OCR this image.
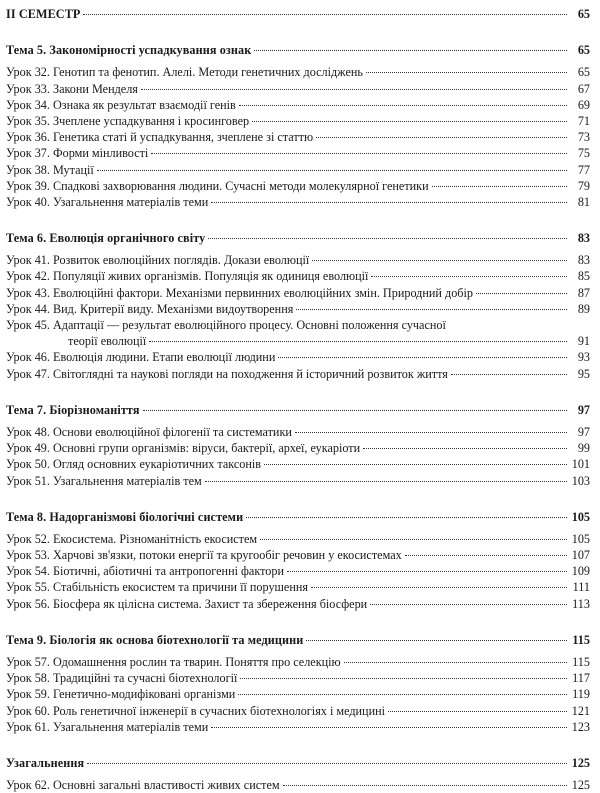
II СЕМЕСТР	65
Тема 5. Закономірності успадкування ознак	65
Урок 32. Генотип та фенотип. Алелі. Методи генетичних досліджень	65
Урок 33. Закони Менделя	67
Урок 34. Ознака як результат взаємодії генів	69
Урок 35. Зчеплене успадкування і кросинговер	71
Урок 36. Генетика статі й успадкування, зчеплене зі статтю	73
Урок 37. Форми мінливості	75
Урок 38. Мутації	77
Урок 39. Спадкові захворювання людини. Сучасні методи молекулярної генетики	79
Урок 40. Узагальнення матеріалів теми	81
Тема 6. Еволюція органічного світу	83
Урок 41. Розвиток еволюційних поглядів. Докази еволюції	83
Урок 42. Популяції живих організмів. Популяція як одиниця еволюції	85
Урок 43. Еволюційні фактори. Механізми первинних еволюційних змін. Природний добір	87
Урок 44. Вид. Критерії виду. Механізми видоутворення	89
Урок 45. Адаптації — результат еволюційного процесу. Основні положення сучасної
теорії еволюції	91
Урок 46. Еволюція людини. Етапи еволюції людини	93
Урок 47. Світоглядні та наукові погляди на походження й історичний розвиток життя	95
Тема 7. Біорізноманіття	97
Урок 48. Основи еволюційної філогенії та систематики	97
Урок 49. Основні групи організмів: віруси, бактерії, археї, еукаріоти	99
Урок 50. Огляд основних еукаріотичних таксонів	101
Урок 51. Узагальнення матеріалів тем	103
Тема 8. Надорганізмові біологічні системи	105
Урок 52. Екосистема. Різноманітність екосистем	105
Урок 53. Харчові зв'язки, потоки енергії та кругообіг речовин у екосистемах	107
Урок 54. Біотичні, абіотичні та антропогенні фактори	109
Урок 55. Стабільність екосистем та причини її порушення	111
Урок 56. Біосфера як цілісна система. Захист та збереження біосфери	113
Тема 9. Біологія як основа біотехнології та медицини	115
Урок 57. Одомашнення рослин та тварин. Поняття про селекцію	115
Урок 58. Традиційні та сучасні біотехнології	117
Урок 59. Генетично-модифіковані організми	119
Урок 60. Роль генетичної інженерії в сучасних біотехнологіях і медицині	121
Урок 61. Узагальнення матеріалів теми	123
Узагальнення	125
Урок 62. Основні загальні властивості живих систем	125
